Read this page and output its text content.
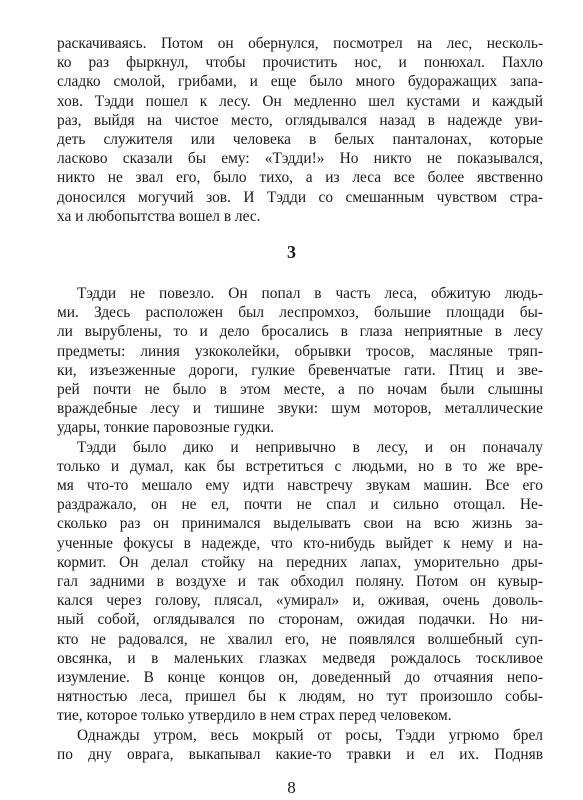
раскачиваясь. Потом он обернулся, посмотрел на лес, несколь-
ко раз фыркнул, чтобы прочистить нос, и понюхал. Пахло
сладко смолой, грибами, и еще было много будоражащих запа-
хов. Тэдди пошел к лесу. Он медленно шел кустами и каждый
раз, выйдя на чистое место, оглядывался назад в надежде уви-
деть служителя или человека в белых панталонах, которые
ласково сказали бы ему: «Тэдди!» Но никто не показывался,
никто не звал его, было тихо, а из леса все более явственно
доносился могучий зов. И Тэдди со смешанным чувством стра-
ха и любопытства вошел в лес.
3
Тэдди не повезло. Он попал в часть леса, обжитую людь-
ми. Здесь расположен был леспромхоз, большие площади бы-
ли вырублены, то и дело бросались в глаза неприятные в лесу
предметы: линия узкоколейки, обрывки тросов, масляные тряп-
ки, изъезженные дороги, гулкие бревенчатые гати. Птиц и зве-
рей почти не было в этом месте, а по ночам были слышны
враждебные лесу и тишине звуки: шум моторов, металлические
удары, тонкие паровозные гудки.
Тэдди было дико и непривычно в лесу, и он поначалу
только и думал, как бы встретиться с людьми, но в то же вре-
мя что-то мешало ему идти навстречу звукам машин. Все его
раздражало, он не ел, почти не спал и сильно отощал. Не-
сколько раз он принимался выделывать свои на всю жизнь за-
ученные фокусы в надежде, что кто-нибудь выйдет к нему и на-
кормит. Он делал стойку на передних лапах, уморительно дры-
гал задними в воздухе и так обходил поляну. Потом он кувыр-
кался через голову, плясал, «умирал» и, оживая, очень доволь-
ный собой, оглядывался по сторонам, ожидая подачки. Но ни-
кто не радовался, не хвалил его, не появлялся волшебный суп-
овсянка, и в маленьких глазках медведя рождалось тоскливое
изумление. В конце концов он, доведенный до отчаяния непо-
нятностью леса, пришел бы к людям, но тут произошло собы-
тие, которое только утвердило в нем страх перед человеком.
Однажды утром, весь мокрый от росы, Тэдди угрюмо брел
по дну оврага, выкапывал какие-то травки и ел их. Подняв
8
